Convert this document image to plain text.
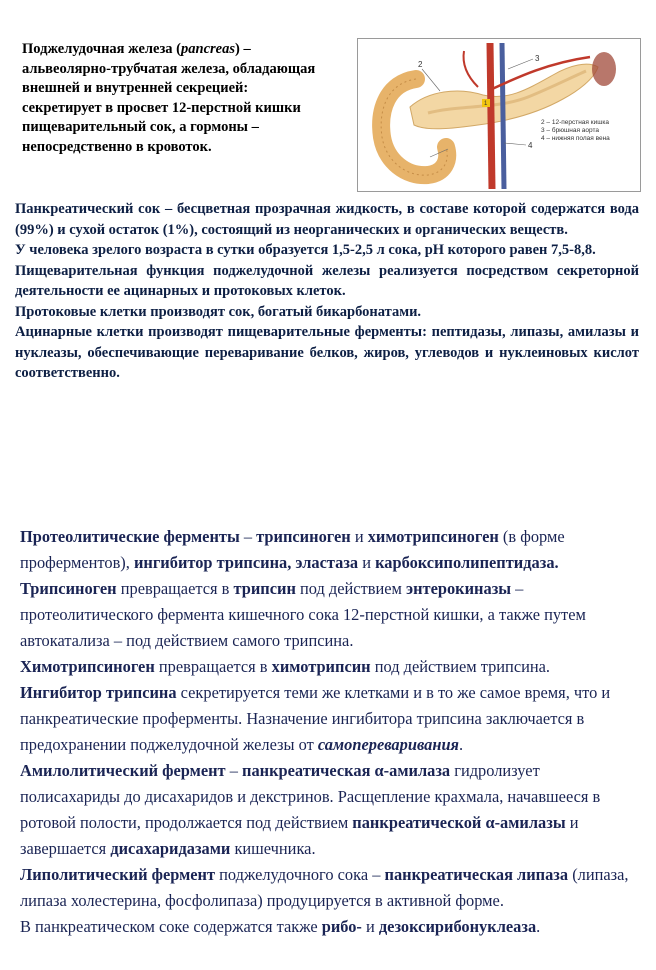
Поджелудочная железа (pancreas) –
альвеолярно-трубчатая железа, обладающая
внешней и внутренней секрецией:
секретирует в просвет 12-перстной кишки
пищеварительный сок, а гормоны –
непосредственно в кровоток.
2
3
1
4
2 – 12-перстная кишка
3 – брюшная аорта
4 – нижняя полая вена

Панкреатический сок – бесцветная прозрачная жидкость, в составе которой содержатся вода (99%) и сухой остаток (1%), состоящий из неорганических и органических веществ.

У человека зрелого возраста в сутки образуется 1,5-2,5 л сока, рН которого равен 7,5-8,8.

Пищеварительная функция поджелудочной железы реализуется посредством секреторной деятельности ее ацинарных и протоковых клеток.

Протоковые клетки производят сок, богатый бикарбонатами.

Ацинарные клетки производят пищеварительные ферменты: пептидазы, липазы, амилазы и нуклеазы, обеспечивающие переваривание белков, жиров, углеводов и нуклеиновых кислот соответственно.

Протеолитические ферменты – трипсиноген и химотрипсиноген (в форме проферментов), ингибитор трипсина, эластаза и карбоксиполипептидаза.

Трипсиноген превращается в трипсин под действием энтерокиназы – протеолитического фермента кишечного сока 12-перстной кишки, а также путем автокатализа – под действием самого трипсина.

Химотрипсиноген превращается в химотрипсин под действием трипсина.

Ингибитор трипсина секретируется теми же клетками и в то же самое время, что и панкреатические проферменты. Назначение ингибитора трипсина заключается в предохранении поджелудочной железы от самопереваривания.

Амилолитический фермент – панкреатическая α-амилаза гидролизует полисахариды до дисахаридов и декстринов. Расщепление крахмала, начавшееся в ротовой полости, продолжается под действием панкреатической α-амилазы и завершается дисахаридазами кишечника.

Липолитический фермент поджелудочного сока – панкреатическая липаза (липаза, липаза холестерина, фосфолипаза) продуцируется в активной форме.

В панкреатическом соке содержатся также рибо- и дезоксирибонуклеаза.
